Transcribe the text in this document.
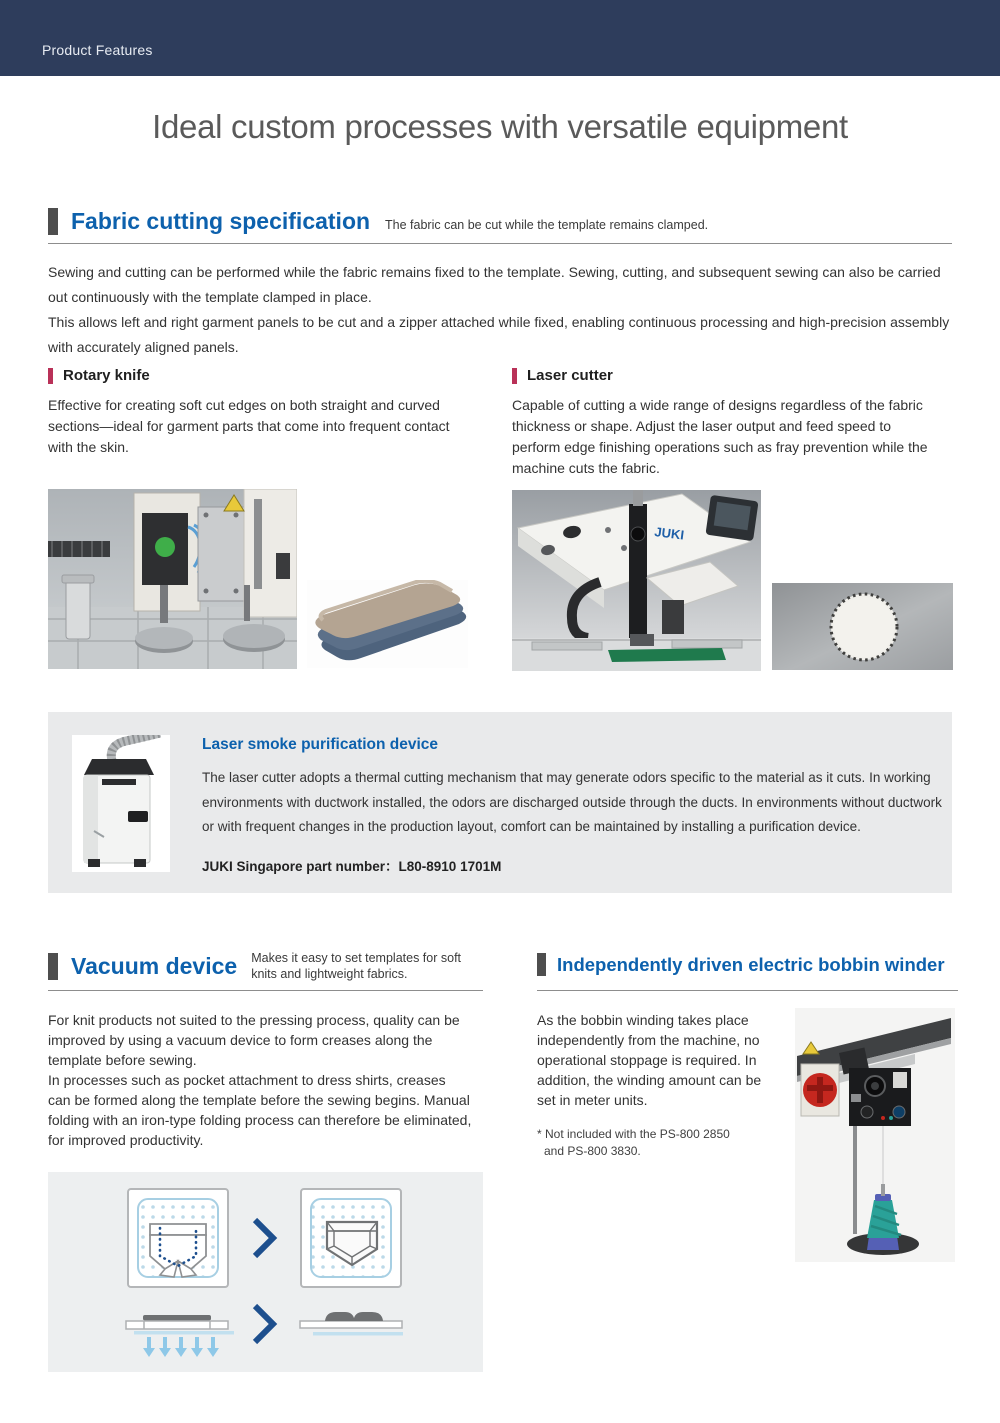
Product Features
Ideal custom processes with versatile equipment
Fabric cutting specification The fabric can be cut while the template remains clamped.

Sewing and cutting can be performed while the fabric remains fixed to the template. Sewing, cutting, and subsequent sewing can also be carried out continuously with the template clamped in place.

This allows left and right garment panels to be cut and a zipper attached while fixed, enabling continuous processing and high-precision assembly with accurately aligned panels.

Rotary knife
Effective for creating soft cut edges on both straight and curved sections—ideal for garment parts that come into frequent contact with the skin.
Laser cutter
Capable of cutting a wide range of designs regardless of the fabric thickness or shape. Adjust the laser output and feed speed to perform edge finishing operations such as fray prevention while the machine cuts the fabric.
JUKI
Laser smoke purification device
The laser cutter adopts a thermal cutting mechanism that may generate odors specific to the material as it cuts. In working environments with ductwork installed, the odors are discharged outside through the ducts. In environments without ductwork or with frequent changes in the production layout, comfort can be maintained by installing a purification device.
JUKI Singapore part number：L80-8910 1701M
Vacuum device Makes it easy to set templates for soft knits and lightweight fabrics.

For knit products not suited to the pressing process, quality can be improved by using a vacuum device to form creases along the template before sewing.

In processes such as pocket attachment to dress shirts, creases can be formed along the template before the sewing begins. Manual folding with an iron-type folding process can therefore be eliminated, for improved productivity.

Independently driven electric bobbin winder
As the bobbin winding takes place independently from the machine, no operational stoppage is required. In addition, the winding amount can be set in meter units.
* Not included with the PS-800 2850
and PS-800 3830.
